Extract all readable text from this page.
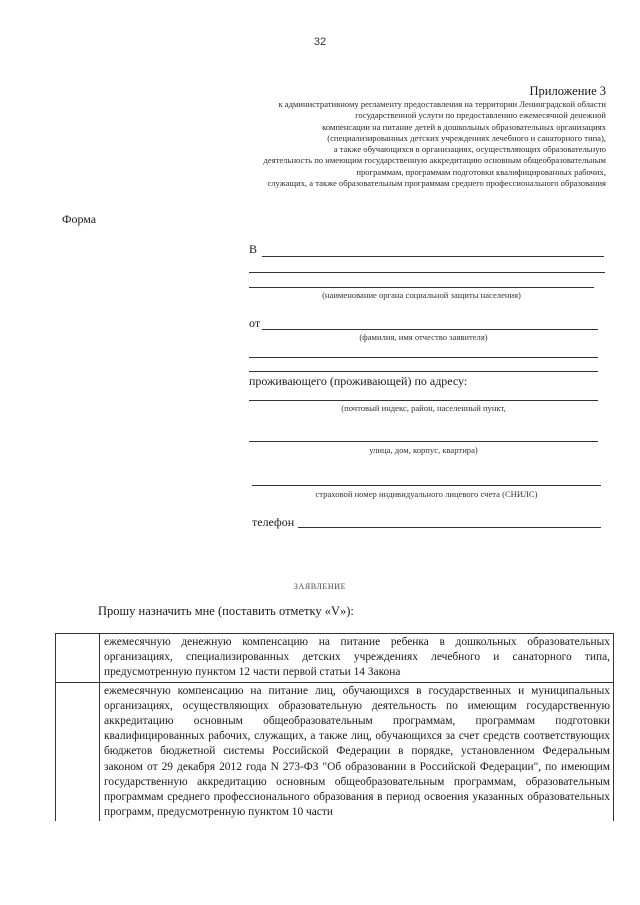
32
Приложение 3
к административному регламенту предоставления на территории Ленинградской области
государственной услуги по предоставлению ежемесячной денежной
компенсации на питание детей в дошкольных образовательных организациях
(специализированных детских учреждениях лечебного и санаторного типа),
а также обучающихся в организациях, осуществляющих образовательную
деятельность по имеющим государственную аккредитацию основным общеобразовательным
программам, программам подготовки квалифицированных рабочих,
служащих, а также образовательным программам среднего профессионального образования
Форма
В
(наименование органа социальной защиты населения)
от
(фамилия, имя отчество заявителя)
проживающего (проживающей) по адресу:
(почтовый индекс, район, населенный пункт,
улица, дом, корпус, квартира)
страховой номер индивидуального лицевого счета (СНИЛС)
телефон
ЗАЯВЛЕНИЕ
Прошу назначить мне (поставить отметку «V»):
	ежемесячную денежную компенсацию на питание ребенка в дошкольных образовательных организациях, специализированных детских учреждениях лечебного и санаторного типа, предусмотренную пунктом 12 части первой статьи 14 Закона
	ежемесячную компенсацию на питание лиц, обучающихся в государственных и муниципальных организациях, осуществляющих образовательную деятельность по имеющим государственную аккредитацию основным общеобразовательным программам, программам подготовки квалифицированных рабочих, служащих, а также лиц, обучающихся за счет средств соответствующих бюджетов бюджетной системы Российской Федерации в порядке, установленном Федеральным законом от 29 декабря 2012 года N 273-ФЗ "Об образовании в Российской Федерации", по имеющим государственную аккредитацию основным общеобразовательным программам, образовательным программам среднего профессионального образования в период освоения указанных образовательных программ, предусмотренную пунктом 10 части
